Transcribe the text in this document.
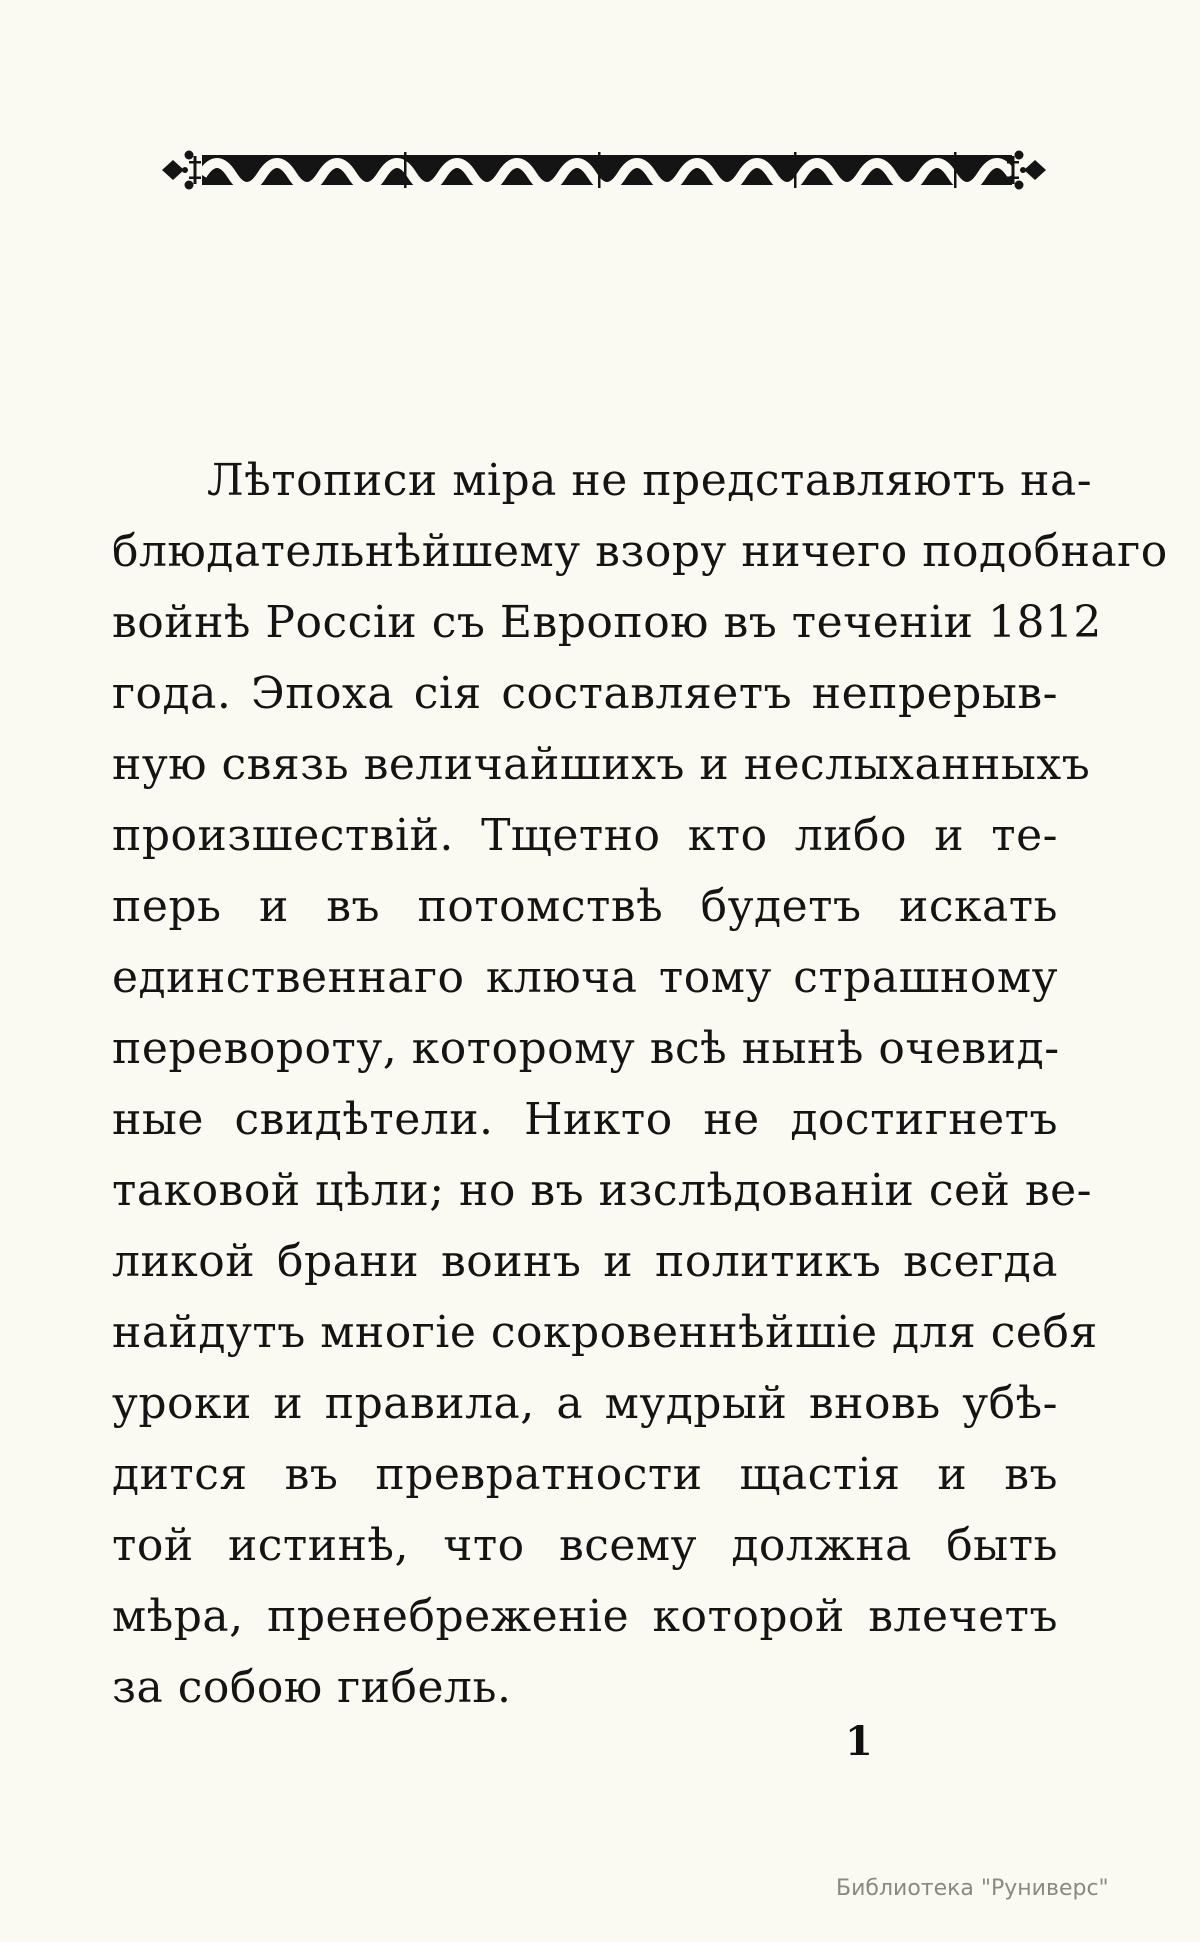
Лѣтописи міра не представляютъ на-
блюдательнѣйшему взору ничего подобнаго
войнѣ Россіи съ Европою въ теченіи 1812
года. Эпоха сія составляетъ непрерыв-
ную связь величайшихъ и неслыханныхъ
произшествій. Тщетно кто либо и те-
перь и въ потомствѣ будетъ искать
единственнаго ключа тому страшному
перевороту, которому всѣ нынѣ очевид-
ные свидѣтели. Никто не достигнетъ
таковой цѣли; но въ изслѣдованіи сей ве-
ликой брани воинъ и политикъ всегда
найдутъ многіе сокровеннѣйшіе для себя
уроки и правила, а мудрый вновь убѣ-
дится въ превратности щастія и въ
той истинѣ, что всему должна быть
мѣра, пренебреженіе которой влечетъ
за собою гибель.
1
Библиотека "Руниверс"
